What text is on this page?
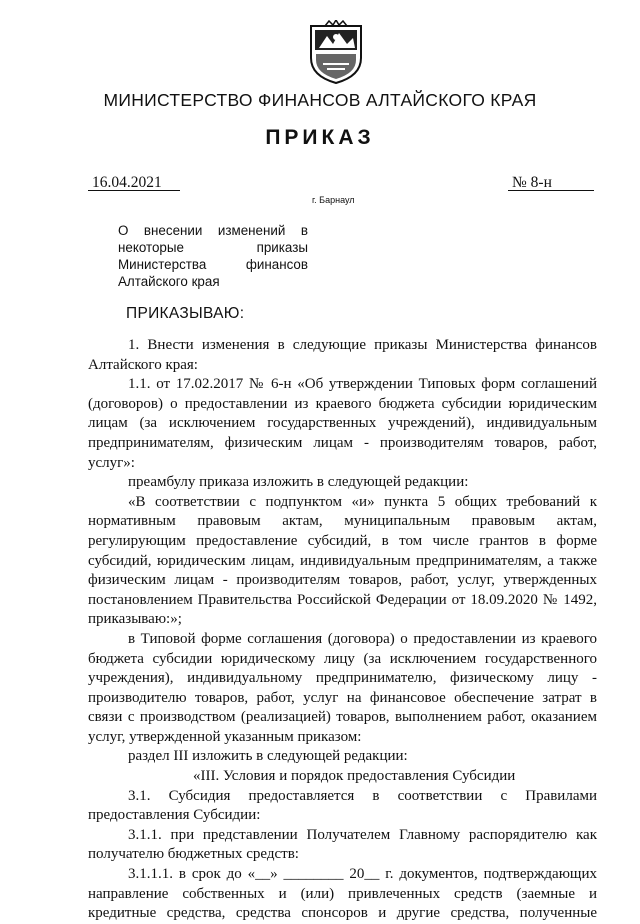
МИНИСТЕРСТВО ФИНАНСОВ АЛТАЙСКОГО КРАЯ
ПРИКАЗ
16.04.2021	№ 8-н
г. Барнаул
О внесении изменений в некоторые приказы Министерства финансов Алтайского края
ПРИКАЗЫВАЮ:

1. Внести изменения в следующие приказы Министерства финансов Алтайского края:

1.1. от 17.02.2017 № 6-н «Об утверждении Типовых форм соглашений (договоров) о предоставлении из краевого бюджета субсидии юридическим лицам (за исключением государственных учреждений), индивидуальным предпринимателям, физическим лицам - производителям товаров, работ, услуг»:

преамбулу приказа изложить в следующей редакции:

«В соответствии с подпунктом «и» пункта 5 общих требований к нормативным правовым актам, муниципальным правовым актам, регулирующим предоставление субсидий, в том числе грантов в форме субсидий, юридическим лицам, индивидуальным предпринимателям, а также физическим лицам - производителям товаров, работ, услуг, утвержденных постановлением Правительства Российской Федерации от 18.09.2020 № 1492, приказываю:»;

в Типовой форме соглашения (договора) о предоставлении из краевого бюджета субсидии юридическому лицу (за исключением государственного учреждения), индивидуальному предпринимателю, физическому лицу - производителю товаров, работ, услуг на финансовое обеспечение затрат в связи с производством (реализацией) товаров, выполнением работ, оказанием услуг, утвержденной указанным приказом:

раздел III изложить в следующей редакции:

«III. Условия и порядок предоставления Субсидии

3.1. Субсидия предоставляется в соответствии с Правилами предоставления Субсидии:

3.1.1. при представлении Получателем Главному распорядителю как получателю бюджетных средств:

3.1.1.1. в срок до «__» ________ 20__ г. документов, подтверждающих направление собственных и (или) привлеченных средств (заемные и кредитные средства, средства спонсоров и другие средства, полученные
